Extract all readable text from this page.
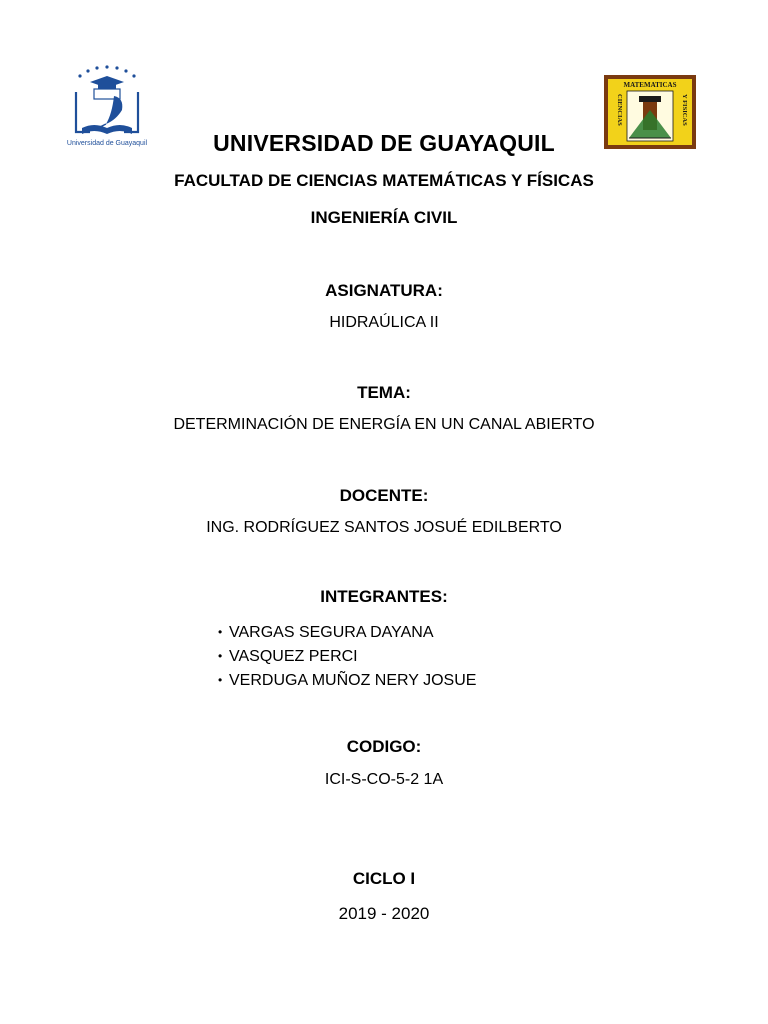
Universidad de Guayaquil
MATEMATICAS
CIENCIAS	Y FISICAS
UNIVERSIDAD DE GUAYAQUIL
FACULTAD DE CIENCIAS MATEMÁTICAS Y FÍSICAS
INGENIERÍA CIVIL
ASIGNATURA:
HIDRAÚLICA II
TEMA:
DETERMINACIÓN DE ENERGÍA EN UN CANAL ABIERTO
DOCENTE:
ING. RODRÍGUEZ SANTOS JOSUÉ EDILBERTO
INTEGRANTES:
• VARGAS SEGURA DAYANA
• VASQUEZ PERCI
• VERDUGA MUÑOZ NERY JOSUE
CODIGO:
ICI-S-CO-5-2 1A
CICLO I
2019 - 2020
